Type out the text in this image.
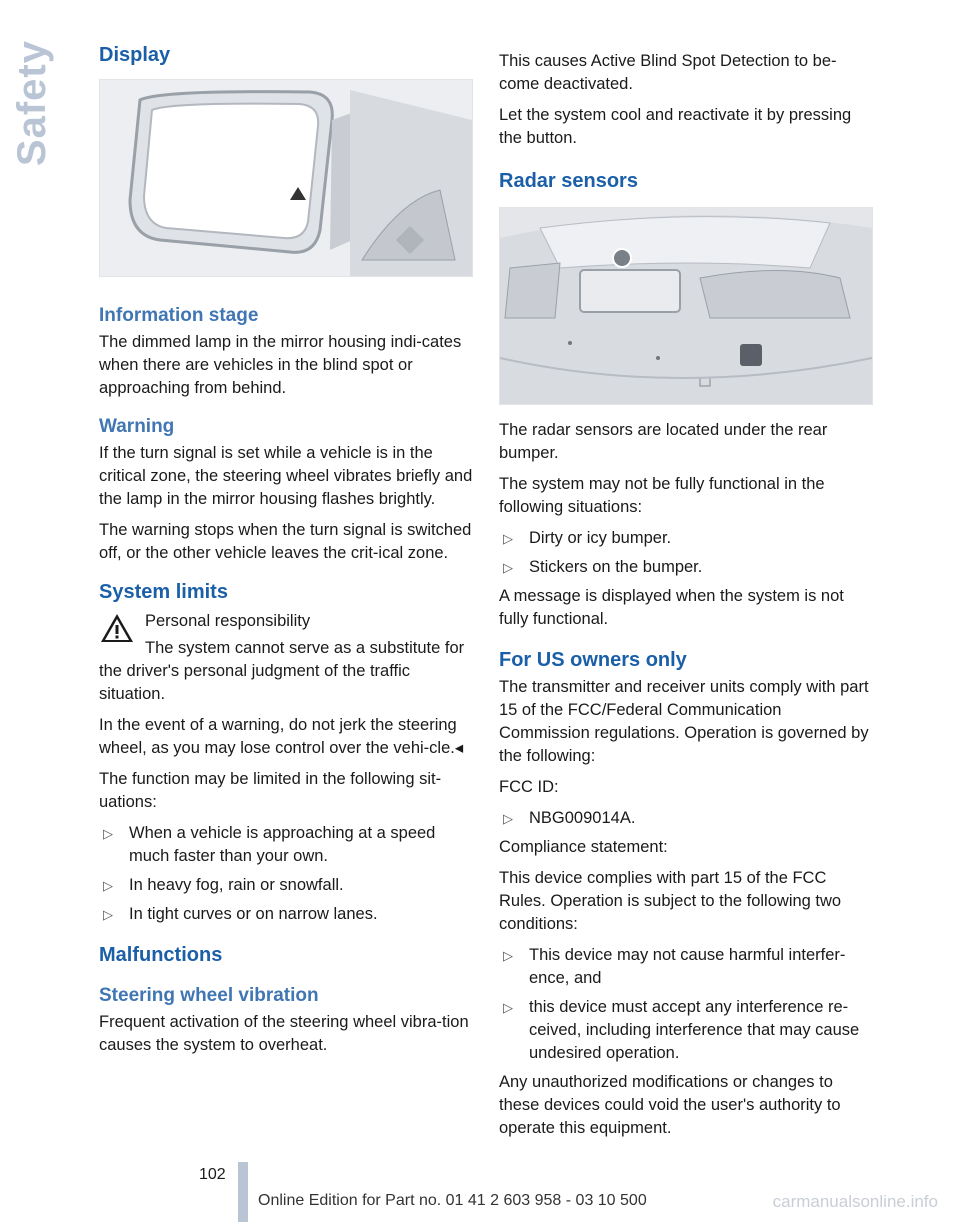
Safety Display
Information stage

The dimmed lamp in the mirror housing indi-cates when there are vehicles in the blind spot or approaching from behind.

Warning

If the turn signal is set while a vehicle is in the critical zone, the steering wheel vibrates briefly and the lamp in the mirror housing flashes brightly.

The warning stops when the turn signal is switched off, or the other vehicle leaves the crit-ical zone.

System limits

Personal responsibility

The system cannot serve as a substitute for the driver's personal judgment of the traffic situation.

In the event of a warning, do not jerk the steering wheel, as you may lose control over the vehi-cle.◂

The function may be limited in the following sit-uations:

▷ When a vehicle is approaching at a speed much faster than your own.
▷ In heavy fog, rain or snowfall.
▷ In tight curves or on narrow lanes.
Malfunctions
Steering wheel vibration

Frequent activation of the steering wheel vibra-tion causes the system to overheat.

This causes Active Blind Spot Detection to be-come deactivated.

Let the system cool and reactivate it by pressing the button.

Radar sensors

The radar sensors are located under the rear bumper.

The system may not be fully functional in the following situations:

▷ Dirty or icy bumper.
▷ Stickers on the bumper.

A message is displayed when the system is not fully functional.

For US owners only

The transmitter and receiver units comply with part 15 of the FCC/Federal Communication Commission regulations. Operation is governed by the following:

FCC ID:

▷ NBG009014A.

Compliance statement:

This device complies with part 15 of the FCC Rules. Operation is subject to the following two conditions:

▷ This device may not cause harmful interfer-ence, and
▷ this device must accept any interference re-ceived, including interference that may cause undesired operation.

Any unauthorized modifications or changes to these devices could void the user's authority to operate this equipment.

102
Online Edition for Part no. 01 41 2 603 958 - 03 10 500	carmanualsonline.info
